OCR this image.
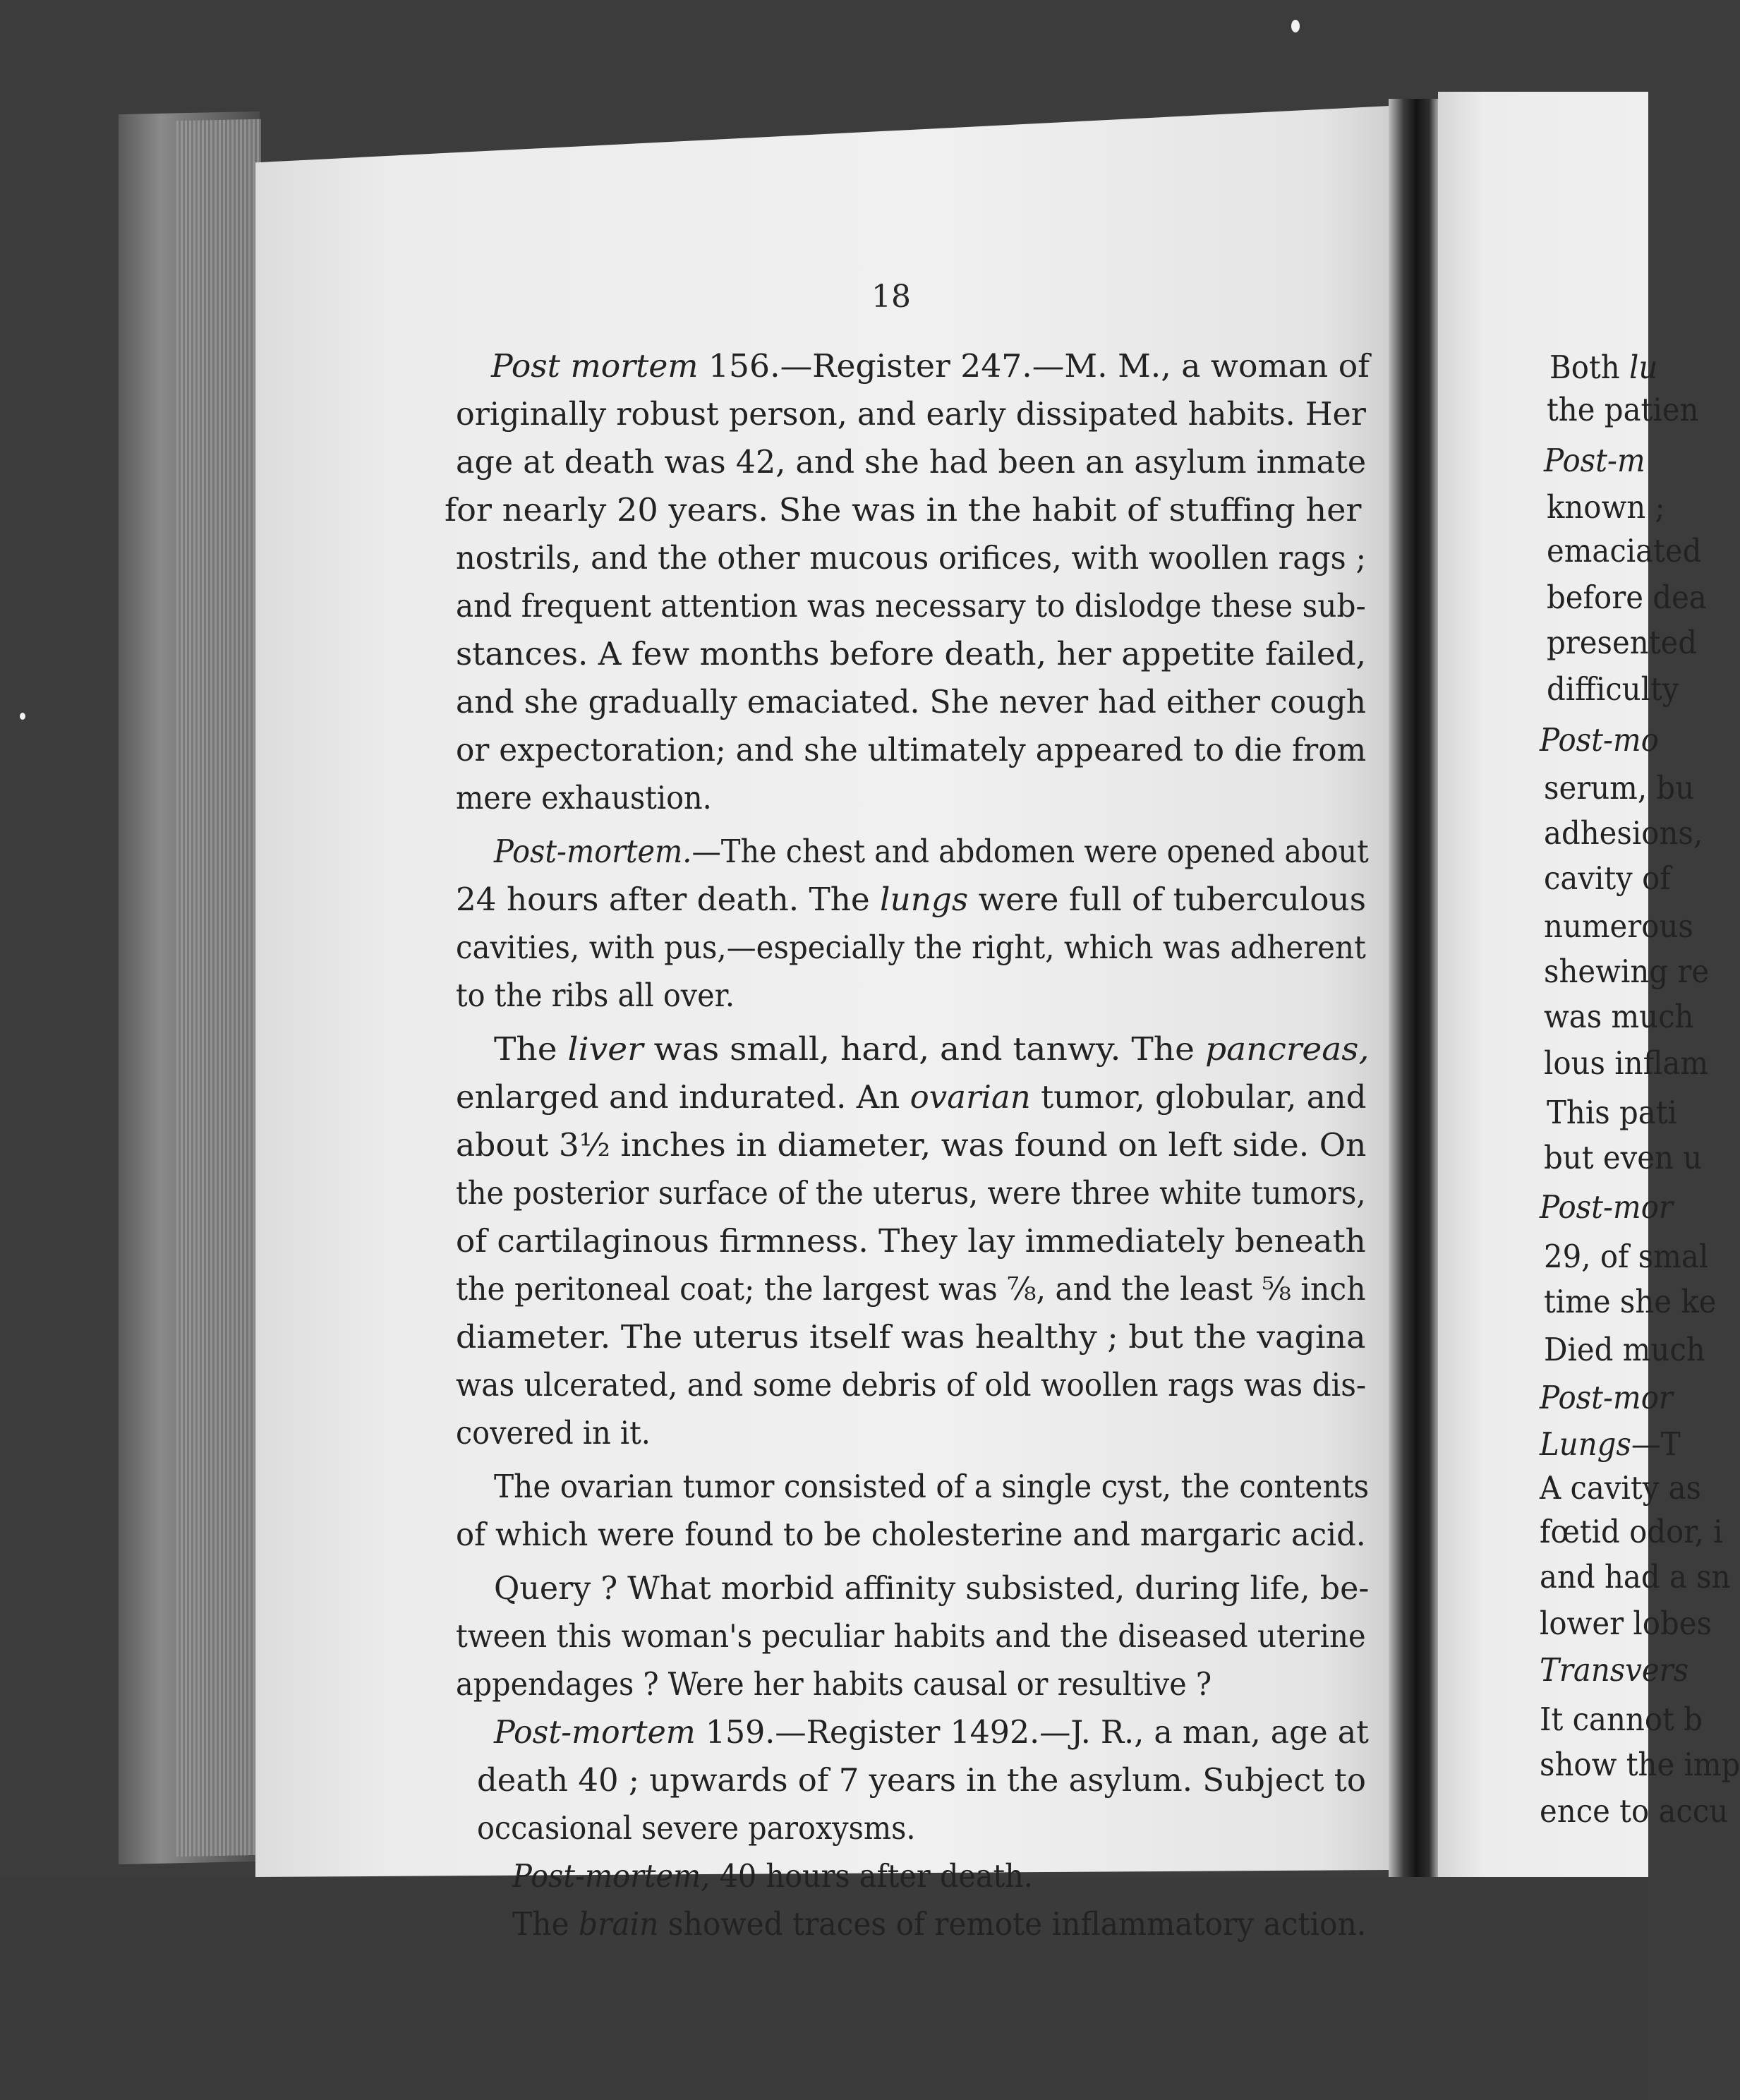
18
Post mortem 156.—Register 247.—M. M., a woman of
originally robust person, and early dissipated habits. Her
age at death was 42, and she had been an asylum inmate
for nearly 20 years. She was in the habit of stuffing her
nostrils, and the other mucous orifices, with woollen rags ;
and frequent attention was necessary to dislodge these sub-
stances. A few months before death, her appetite failed,
and she gradually emaciated. She never had either cough
or expectoration; and she ultimately appeared to die from
mere exhaustion.
Post-mortem.—The chest and abdomen were opened about
24 hours after death. The lungs were full of tuberculous
cavities, with pus,—especially the right, which was adherent
to the ribs all over.
The liver was small, hard, and tanwy. The pancreas,
enlarged and indurated. An ovarian tumor, globular, and
about 3½ inches in diameter, was found on left side. On
the posterior surface of the uterus, were three white tumors,
of cartilaginous firmness. They lay immediately beneath
the peritoneal coat; the largest was ⅞, and the least ⅝ inch
diameter. The uterus itself was healthy ; but the vagina
was ulcerated, and some debris of old woollen rags was dis-
covered in it.
The ovarian tumor consisted of a single cyst, the contents
of which were found to be cholesterine and margaric acid.
Query ? What morbid affinity subsisted, during life, be-
tween this woman's peculiar habits and the diseased uterine
appendages ? Were her habits causal or resultive ?
Post-mortem 159.—Register 1492.—J. R., a man, age at
death 40 ; upwards of 7 years in the asylum. Subject to
occasional severe paroxysms.
Post-mortem, 40 hours after death.
The brain showed traces of remote inflammatory action.
Both lu
the patien
Post-m
known ;
emaciated
before dea
presented
difficulty
Post-mo
serum, bu
adhesions,
cavity of
numerous
shewing re
was much
lous inflam
This pati
but even u
Post-mor
29, of smal
time she ke
Died much
Post-mor
Lungs—T
A cavity as
fœtid odor, i
and had a sn
lower lobes
Transvers
It cannot b
show the imp
ence to accu
